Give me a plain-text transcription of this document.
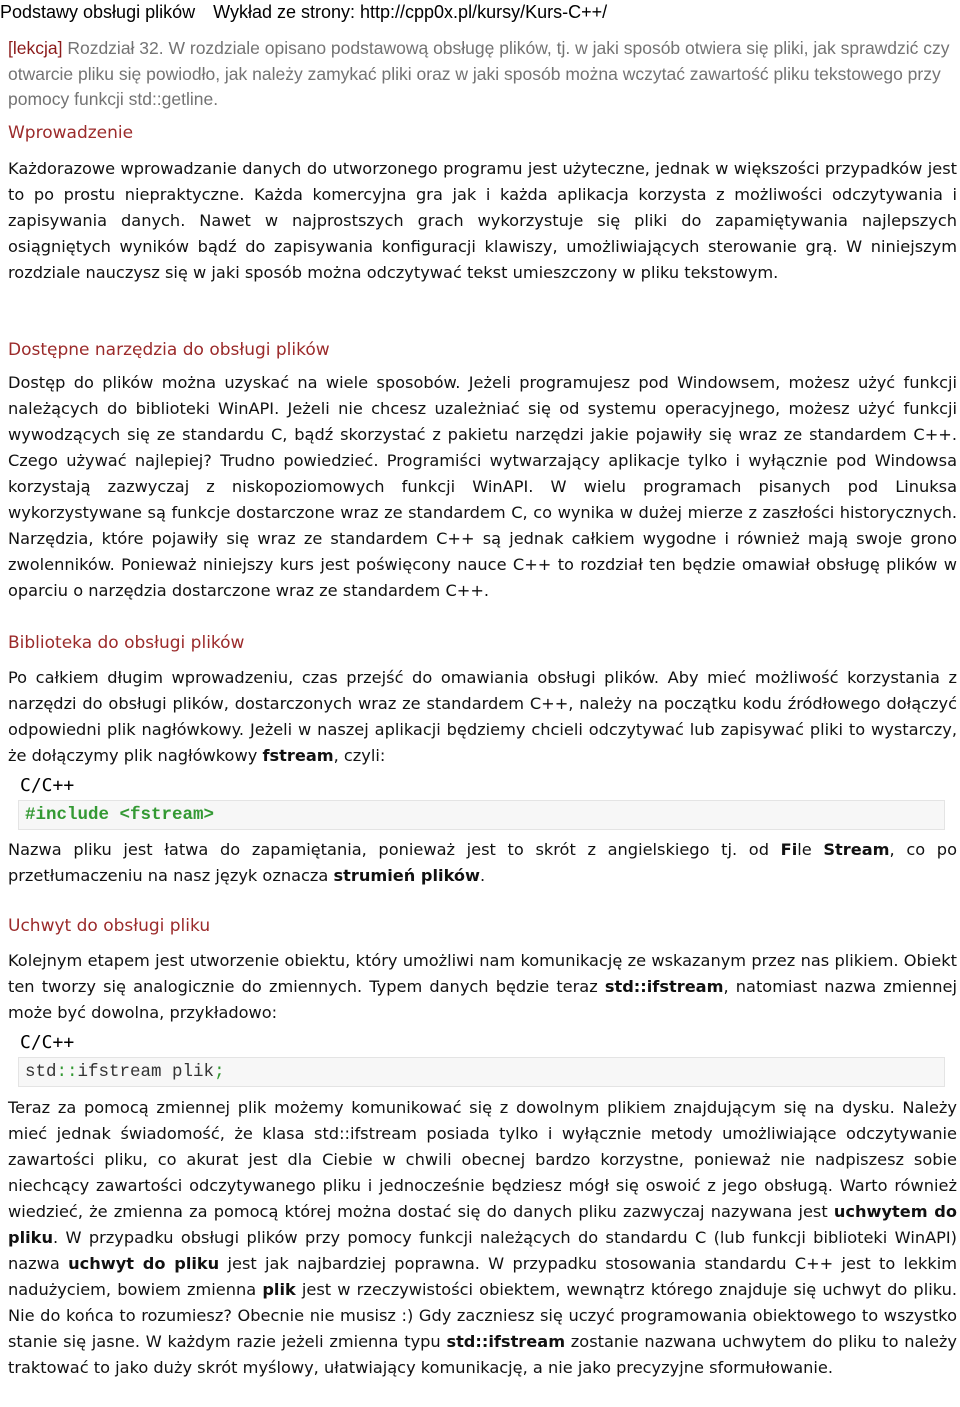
Podstawy obsługi plików Wykład ze strony: http://cpp0x.pl/kursy/Kurs-C++/
[lekcja] Rozdział 32. W rozdziale opisano podstawową obsługę plików, tj. w jaki sposób otwiera się pliki, jak sprawdzić czy otwarcie pliku się powiodło, jak należy zamykać pliki oraz w jaki sposób można wczytać zawartość pliku tekstowego przy pomocy funkcji std::getline.
Wprowadzenie
Każdorazowe wprowadzanie danych do utworzonego programu jest użyteczne, jednak w większości przypadków jest to po prostu niepraktyczne. Każda komercyjna gra jak i każda aplikacja korzysta z możliwości odczytywania i zapisywania danych. Nawet w najprostszych grach wykorzystuje się pliki do zapamiętywania najlepszych osiągniętych wyników bądź do zapisywania konfiguracji klawiszy, umożliwiających sterowanie grą. W niniejszym rozdziale nauczysz się w jaki sposób można odczytywać tekst umieszczony w pliku tekstowym.
Dostępne narzędzia do obsługi plików
Dostęp do plików można uzyskać na wiele sposobów. Jeżeli programujesz pod Windowsem, możesz użyć funkcji należących do biblioteki WinAPI. Jeżeli nie chcesz uzależniać się od systemu operacyjnego, możesz użyć funkcji wywodzących się ze standardu C, bądź skorzystać z pakietu narzędzi jakie pojawiły się wraz ze standardem C++. Czego używać najlepiej? Trudno powiedzieć. Programiści wytwarzający aplikacje tylko i wyłącznie pod Windowsa korzystają zazwyczaj z niskopoziomowych funkcji WinAPI. W wielu programach pisanych pod Linuksa wykorzystywane są funkcje dostarczone wraz ze standardem C, co wynika w dużej mierze z zaszłości historycznych. Narzędzia, które pojawiły się wraz ze standardem C++ są jednak całkiem wygodne i również mają swoje grono zwolenników. Ponieważ niniejszy kurs jest poświęcony nauce C++ to rozdział ten będzie omawiał obsługę plików w oparciu o narzędzia dostarczone wraz ze standardem C++.
Biblioteka do obsługi plików
Po całkiem długim wprowadzeniu, czas przejść do omawiania obsługi plików. Aby mieć możliwość korzystania z narzędzi do obsługi plików, dostarczonych wraz ze standardem C++, należy na początku kodu źródłowego dołączyć odpowiedni plik nagłówkowy. Jeżeli w naszej aplikacji będziemy chcieli odczytywać lub zapisywać pliki to wystarczy, że dołączymy plik nagłówkowy fstream, czyli:
C/C++
#include <fstream>
Nazwa pliku jest łatwa do zapamiętania, ponieważ jest to skrót z angielskiego tj. od File Stream, co po przetłumaczeniu na nasz język oznacza strumień plików.
Uchwyt do obsługi pliku
Kolejnym etapem jest utworzenie obiektu, który umożliwi nam komunikację ze wskazanym przez nas plikiem. Obiekt ten tworzy się analogicznie do zmiennych. Typem danych będzie teraz std::ifstream, natomiast nazwa zmiennej może być dowolna, przykładowo:
C/C++
std::ifstream plik;
Teraz za pomocą zmiennej plik możemy komunikować się z dowolnym plikiem znajdującym się na dysku. Należy mieć jednak świadomość, że klasa std::ifstream posiada tylko i wyłącznie metody umożliwiające odczytywanie zawartości pliku, co akurat jest dla Ciebie w chwili obecnej bardzo korzystne, ponieważ nie nadpiszesz sobie niechcący zawartości odczytywanego pliku i jednocześnie będziesz mógł się oswoić z jego obsługą. Warto również wiedzieć, że zmienna za pomocą której można dostać się do danych pliku zazwyczaj nazywana jest uchwytem do pliku. W przypadku obsługi plików przy pomocy funkcji należących do standardu C (lub funkcji biblioteki WinAPI) nazwa uchwyt do pliku jest jak najbardziej poprawna. W przypadku stosowania standardu C++ jest to lekkim nadużyciem, bowiem zmienna plik jest w rzeczywistości obiektem, wewnątrz którego znajduje się uchwyt do pliku. Nie do końca to rozumiesz? Obecnie nie musisz :) Gdy zaczniesz się uczyć programowania obiektowego to wszystko stanie się jasne. W każdym razie jeżeli zmienna typu std::ifstream zostanie nazwana uchwytem do pliku to należy traktować to jako duży skrót myślowy, ułatwiający komunikację, a nie jako precyzyjne sformułowanie.
